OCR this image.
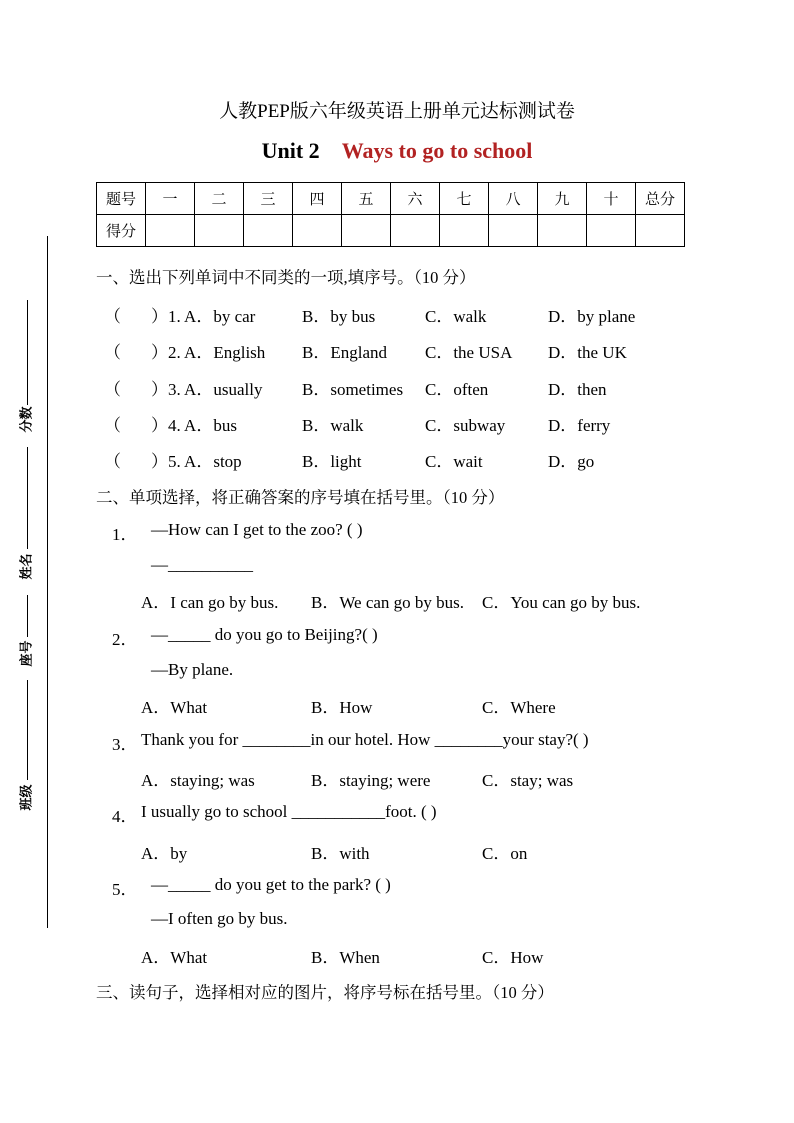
人教PEP版六年级英语上册单元达标测试卷
Unit 2 Ways to go to school
题号	一	二	三	四	五	六	七	八	九	十	总分
得分											
分数
姓名
座号
班级
一、选出下列单词中不同类的一项,填序号。（10 分）
（ ）1. A．by car	B．by bus	C．walk	D．by plane
（ ）2. A．English B．England C．the USA D．the UK
（ ）3. A．usually B．sometimes C．often	D．then
（ ）4. A．bus	B．walk	C．subway	D．ferry
（ ）5. A．stop	B．light	C．wait	D．go
二、单项选择，将正确答案的序号填在括号里。（10 分）
1． —How can I get to the zoo? ( )
—__________
A．I can go by bus. B．We can go by bus. C．You can go by bus.
2． —_____ do you go to Beijing?( )
—By plane.
A．What	B．How	C．Where
3． Thank you for ________in our hotel. How ________your stay?( )
A．staying; was	B．staying; were	C．stay; was
4． I usually go to school ___________foot. ( )
A．by	B．with	C．on
5． —_____ do you get to the park? ( )
—I often go by bus.
A．What	B．When	C．How
三、读句子，选择相对应的图片，将序号标在括号里。（10 分）
